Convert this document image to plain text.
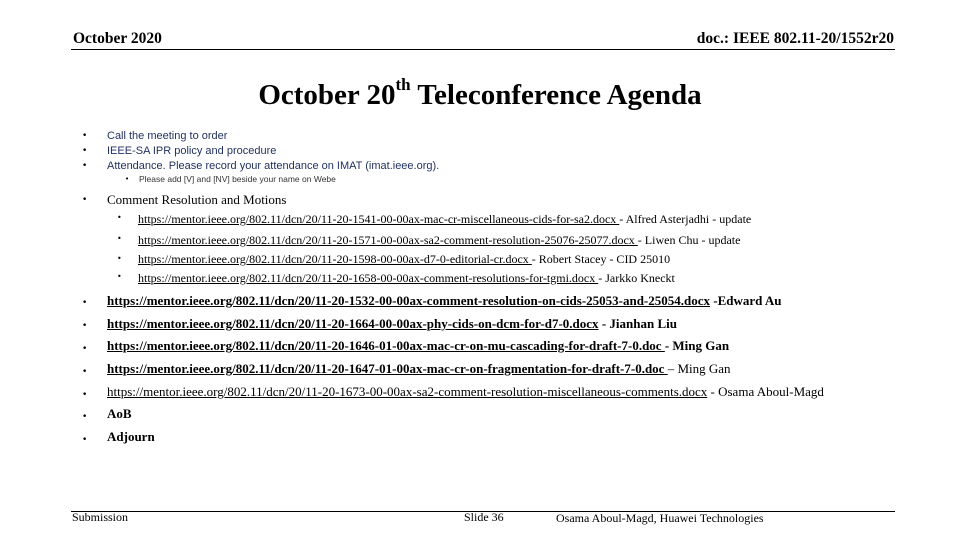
October 2020	doc.: IEEE 802.11-20/1552r20
October 20th Teleconference Agenda
• Call the meeting to order
• IEEE-SA IPR policy and procedure
• Attendance. Please record your attendance on IMAT (imat.ieee.org).
• Please add [V] and [NV] beside your name on Webe
• Comment Resolution and Motions
• https://mentor.ieee.org/802.11/dcn/20/11-20-1541-00-00ax-mac-cr-miscellaneous-cids-for-sa2.docx - Alfred Asterjadhi - update
• https://mentor.ieee.org/802.11/dcn/20/11-20-1571-00-00ax-sa2-comment-resolution-25076-25077.docx - Liwen Chu - update
• https://mentor.ieee.org/802.11/dcn/20/11-20-1598-00-00ax-d7-0-editorial-cr.docx - Robert Stacey - CID 25010
• https://mentor.ieee.org/802.11/dcn/20/11-20-1658-00-00ax-comment-resolutions-for-tgmi.docx - Jarkko Kneckt
• https://mentor.ieee.org/802.11/dcn/20/11-20-1532-00-00ax-comment-resolution-on-cids-25053-and-25054.docx -Edward Au
• https://mentor.ieee.org/802.11/dcn/20/11-20-1664-00-00ax-phy-cids-on-dcm-for-d7-0.docx - Jianhan Liu
• https://mentor.ieee.org/802.11/dcn/20/11-20-1646-01-00ax-mac-cr-on-mu-cascading-for-draft-7-0.doc - Ming Gan
• https://mentor.ieee.org/802.11/dcn/20/11-20-1647-01-00ax-mac-cr-on-fragmentation-for-draft-7-0.doc – Ming Gan
• https://mentor.ieee.org/802.11/dcn/20/11-20-1673-00-00ax-sa2-comment-resolution-miscellaneous-comments.docx - Osama Aboul-Magd
• AoB
• Adjourn
Submission	Slide 36	Osama Aboul-Magd, Huawei Technologies
